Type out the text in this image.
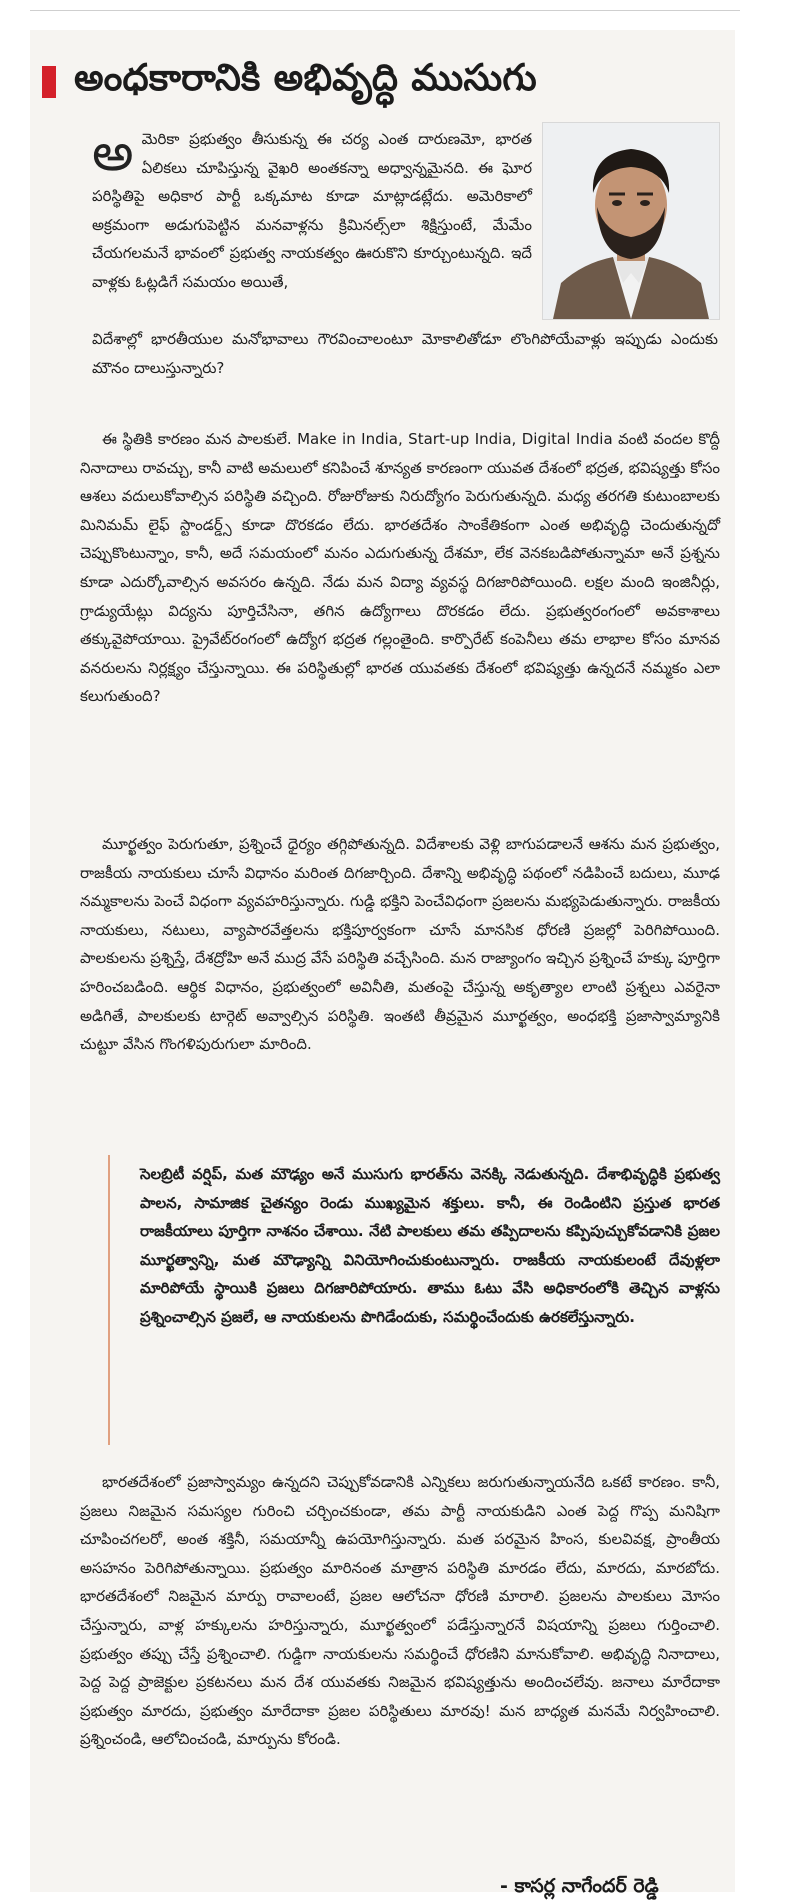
అంధకారానికి అభివృద్ధి ముసుగు

అమెరికా ప్రభుత్వం తీసుకున్న ఈ చర్య ఎంత దారుణమో, భారత ఏలికలు చూపిస్తున్న వైఖరి అంతకన్నా అధ్వాన్నమైనది. ఈ ఘోర పరిస్థితిపై అధికార పార్టీ ఒక్కమాట కూడా మాట్లాడట్లేదు. అమెరికాలో అక్రమంగా అడుగుపెట్టిన మనవాళ్లను క్రిమినల్స్‌లా శిక్షిస్తుంటే, మేమేం చేయగలమనే భావంలో ప్రభుత్వ నాయకత్వం ఊరుకొని కూర్చుంటున్నది. ఇదే వాళ్లకు ఓట్లడిగే సమయం అయితే,

విదేశాల్లో భారతీయుల మనోభావాలు గౌరవించాలంటూ మోకాలితోడూ లొంగిపోయేవాళ్లు ఇప్పుడు ఎందుకు మౌనం దాలుస్తున్నారు?

ఈ స్థితికి కారణం మన పాలకులే. Make in India, Start-up India, Digital India వంటి వందల కొద్దీ నినాదాలు రావచ్చు, కానీ వాటి అమలులో కనిపించే శూన్యత కారణంగా యువత దేశంలో భద్రత, భవిష్యత్తు కోసం ఆశలు వదులుకోవాల్సిన పరిస్థితి వచ్చింది. రోజురోజుకు నిరుద్యోగం పెరుగుతున్నది. మధ్య తరగతి కుటుంబాలకు మినిమమ్ లైఫ్ స్టాండర్డ్స్ కూడా దొరకడం లేదు. భారతదేశం సాంకేతికంగా ఎంత అభివృద్ధి చెందుతున్నదో చెప్పుకొంటున్నాం, కానీ, అదే సమయంలో మనం ఎదుగుతున్న దేశమా, లేక వెనకబడిపోతున్నామా అనే ప్రశ్నను కూడా ఎదుర్కోవాల్సిన అవసరం ఉన్నది. నేడు మన విద్యా వ్యవస్థ దిగజారిపోయింది. లక్షల మంది ఇంజినీర్లు, గ్రాడ్యుయేట్లు విద్యను పూర్తిచేసినా, తగిన ఉద్యోగాలు దొరకడం లేదు. ప్రభుత్వరంగంలో అవకాశాలు తక్కువైపోయాయి. ప్రైవేట్‌రంగంలో ఉద్యోగ భద్రత గల్లంతైంది. కార్పొరేట్ కంపెనీలు తమ లాభాల కోసం మానవ వనరులను నిర్లక్ష్యం చేస్తున్నాయి. ఈ పరిస్థితుల్లో భారత యువతకు దేశంలో భవిష్యత్తు ఉన్నదనే నమ్మకం ఎలా కలుగుతుంది?

మూర్ఖత్వం పెరుగుతూ, ప్రశ్నించే ధైర్యం తగ్గిపోతున్నది. విదేశాలకు వెళ్లి బాగుపడాలనే ఆశను మన ప్రభుత్వం, రాజకీయ నాయకులు చూసే విధానం మరింత దిగజార్చింది. దేశాన్ని అభివృద్ధి పథంలో నడిపించే బదులు, మూఢ నమ్మకాలను పెంచే విధంగా వ్యవహరిస్తున్నారు. గుడ్డి భక్తిని పెంచేవిధంగా ప్రజలను మభ్యపెడుతున్నారు. రాజకీయ నాయకులు, నటులు, వ్యాపారవేత్తలను భక్తిపూర్వకంగా చూసే మానసిక ధోరణి ప్రజల్లో పెరిగిపోయింది. పాలకులను ప్రశ్నిస్తే, దేశద్రోహి అనే ముద్ర వేసే పరిస్థితి వచ్చేసింది. మన రాజ్యాంగం ఇచ్చిన ప్రశ్నించే హక్కు పూర్తిగా హరించబడింది. ఆర్థిక విధానం, ప్రభుత్వంలో అవినీతి, మతంపై చేస్తున్న అకృత్యాల లాంటి ప్రశ్నలు ఎవరైనా అడిగితే, పాలకులకు టార్గెట్ అవ్వాల్సిన పరిస్థితి. ఇంతటి తీవ్రమైన మూర్ఖత్వం, అంధభక్తి ప్రజాస్వామ్యానికి చుట్టూ వేసిన గొంగళిపురుగులా మారింది.

సెలబ్రిటీ వర్షిప్, మత మౌఢ్యం అనే ముసుగు భారత్‌ను వెనక్కి నెడుతున్నది. దేశాభివృద్ధికి ప్రభుత్వ పాలన, సామాజిక చైతన్యం రెండు ముఖ్యమైన శక్తులు. కానీ, ఈ రెండింటిని ప్రస్తుత భారత రాజకీయాలు పూర్తిగా నాశనం చేశాయి. నేటి పాలకులు తమ తప్పిదాలను కప్పిపుచ్చుకోవడానికి ప్రజల మూర్ఖత్వాన్ని, మత మౌఢ్యాన్ని వినియోగించుకుంటున్నారు. రాజకీయ నాయకులంటే దేవుళ్లలా మారిపోయే స్థాయికి ప్రజలు దిగజారిపోయారు. తాము ఓటు వేసి అధికారంలోకి తెచ్చిన వాళ్లను ప్రశ్నించాల్సిన ప్రజలే, ఆ నాయకులను పొగిడేందుకు, సమర్థించేందుకు ఉరకలేస్తున్నారు.

భారతదేశంలో ప్రజాస్వామ్యం ఉన్నదని చెప్పుకోవడానికి ఎన్నికలు జరుగుతున్నాయనేది ఒకటే కారణం. కానీ, ప్రజలు నిజమైన సమస్యల గురించి చర్చించకుండా, తమ పార్టీ నాయకుడిని ఎంత పెద్ద గొప్ప మనిషిగా చూపించగలరో, అంత శక్తినీ, సమయాన్నీ ఉపయోగిస్తున్నారు. మత పరమైన హింస, కులవివక్ష, ప్రాంతీయ అసహనం పెరిగిపోతున్నాయి. ప్రభుత్వం మారినంత మాత్రాన పరిస్థితి మారడం లేదు, మారదు, మారబోదు. భారతదేశంలో నిజమైన మార్పు రావాలంటే, ప్రజల ఆలోచనా ధోరణి మారాలి. ప్రజలను పాలకులు మోసం చేస్తున్నారు, వాళ్ల హక్కులను హరిస్తున్నారు, మూర్ఖత్వంలో పడేస్తున్నారనే విషయాన్ని ప్రజలు గుర్తించాలి. ప్రభుత్వం తప్పు చేస్తే ప్రశ్నించాలి. గుడ్డిగా నాయకులను సమర్థించే ధోరణిని మానుకోవాలి. అభివృద్ధి నినాదాలు, పెద్ద పెద్ద ప్రాజెక్టుల ప్రకటనలు మన దేశ యువతకు నిజమైన భవిష్యత్తును అందించలేవు. జనాలు మారేదాకా ప్రభుత్వం మారదు, ప్రభుత్వం మారేదాకా ప్రజల పరిస్థితులు మారవు! మన బాధ్యత మనమే నిర్వహించాలి. ప్రశ్నించండి, ఆలోచించండి, మార్పును కోరండి.

- కాసర్ల నాగేందర్ రెడ్డి
